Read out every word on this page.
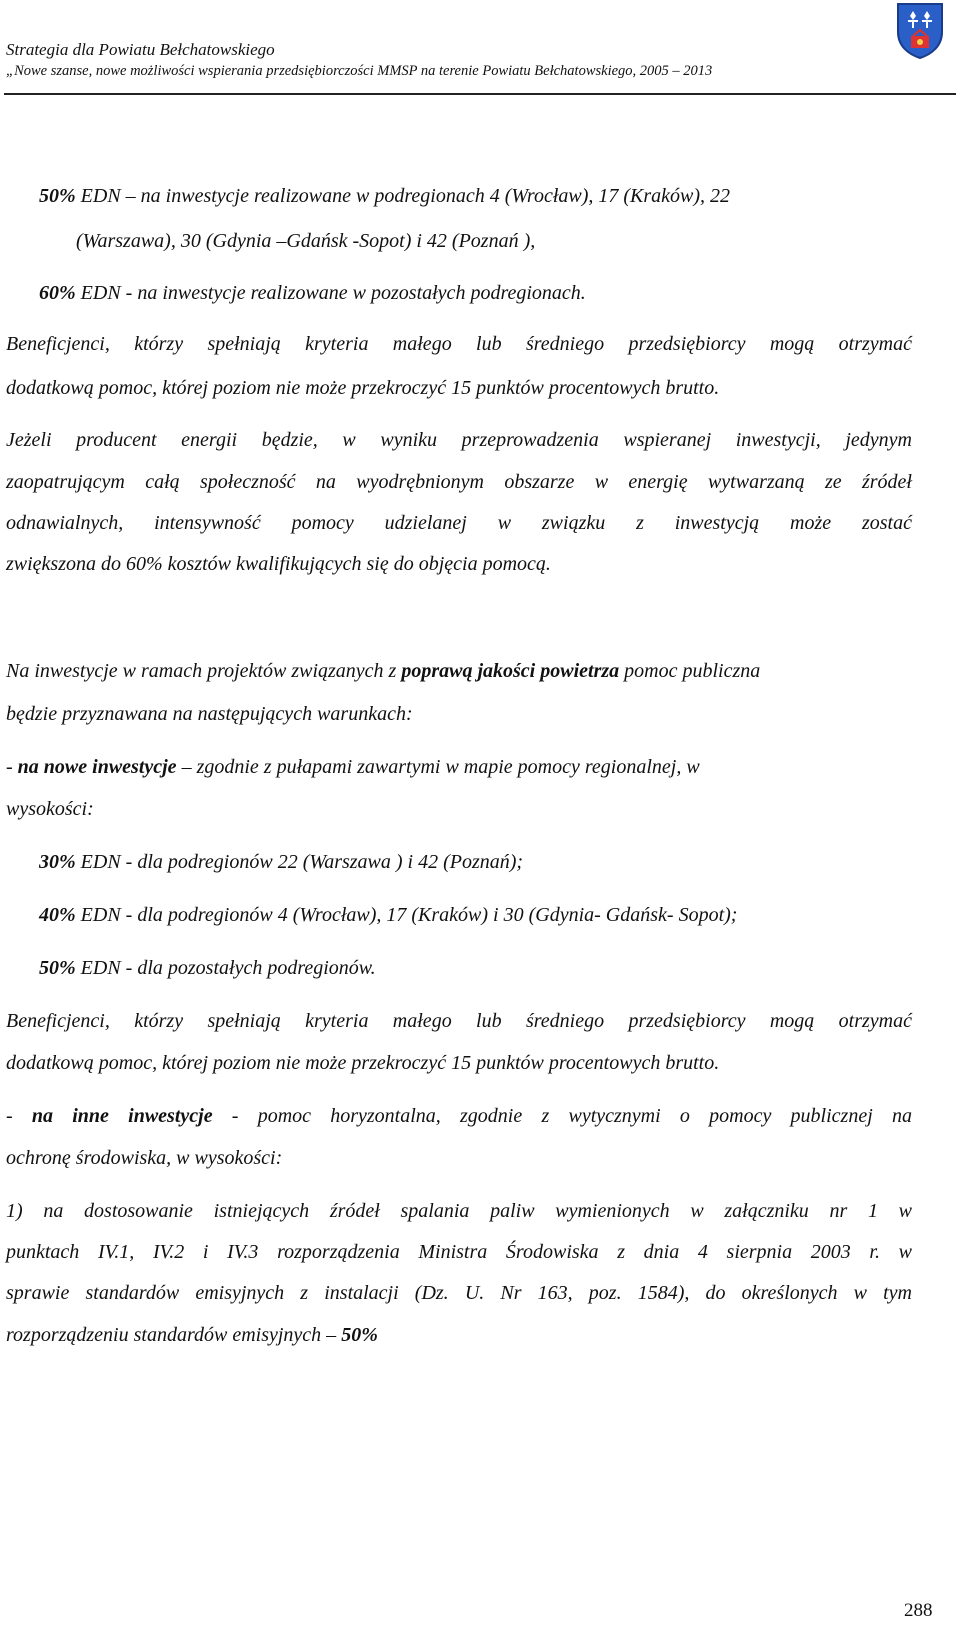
Strategia dla Powiatu Bełchatowskiego
„Nowe szanse, nowe możliwości wspierania przedsiębiorczości MMSP na terenie Powiatu Bełchatowskiego, 2005 – 2013
50% EDN – na inwestycje realizowane w podregionach 4 (Wrocław), 17 (Kraków), 22
(Warszawa), 30 (Gdynia –Gdańsk -Sopot) i 42 (Poznań ),
60% EDN - na inwestycje realizowane w pozostałych podregionach.
Beneficjenci, którzy spełniają kryteria małego lub średniego przedsiębiorcy mogą otrzymać
dodatkową pomoc, której poziom nie może przekroczyć 15 punktów procentowych brutto.
Jeżeli producent energii będzie, w wyniku przeprowadzenia wspieranej inwestycji, jedynym
zaopatrującym całą społeczność na wyodrębnionym obszarze w energię wytwarzaną ze źródeł
odnawialnych, intensywność pomocy udzielanej w związku z inwestycją może zostać
zwiększona do 60% kosztów kwalifikujących się do objęcia pomocą.
Na inwestycje w ramach projektów związanych z poprawą jakości powietrza pomoc publiczna
będzie przyznawana na następujących warunkach:
- na nowe inwestycje – zgodnie z pułapami zawartymi w mapie pomocy regionalnej, w
wysokości:
30% EDN - dla podregionów 22 (Warszawa ) i 42 (Poznań);
40% EDN - dla podregionów 4 (Wrocław), 17 (Kraków) i 30 (Gdynia- Gdańsk- Sopot);
50% EDN - dla pozostałych podregionów.
Beneficjenci, którzy spełniają kryteria małego lub średniego przedsiębiorcy mogą otrzymać
dodatkową pomoc, której poziom nie może przekroczyć 15 punktów procentowych brutto.
- na inne inwestycje - pomoc horyzontalna, zgodnie z wytycznymi o pomocy publicznej na
ochronę środowiska, w wysokości:
1) na dostosowanie istniejących źródeł spalania paliw wymienionych w załączniku nr 1 w
punktach IV.1, IV.2 i IV.3 rozporządzenia Ministra Środowiska z dnia 4 sierpnia 2003 r. w
sprawie standardów emisyjnych z instalacji (Dz. U. Nr 163, poz. 1584), do określonych w tym
rozporządzeniu standardów emisyjnych – 50%
288
